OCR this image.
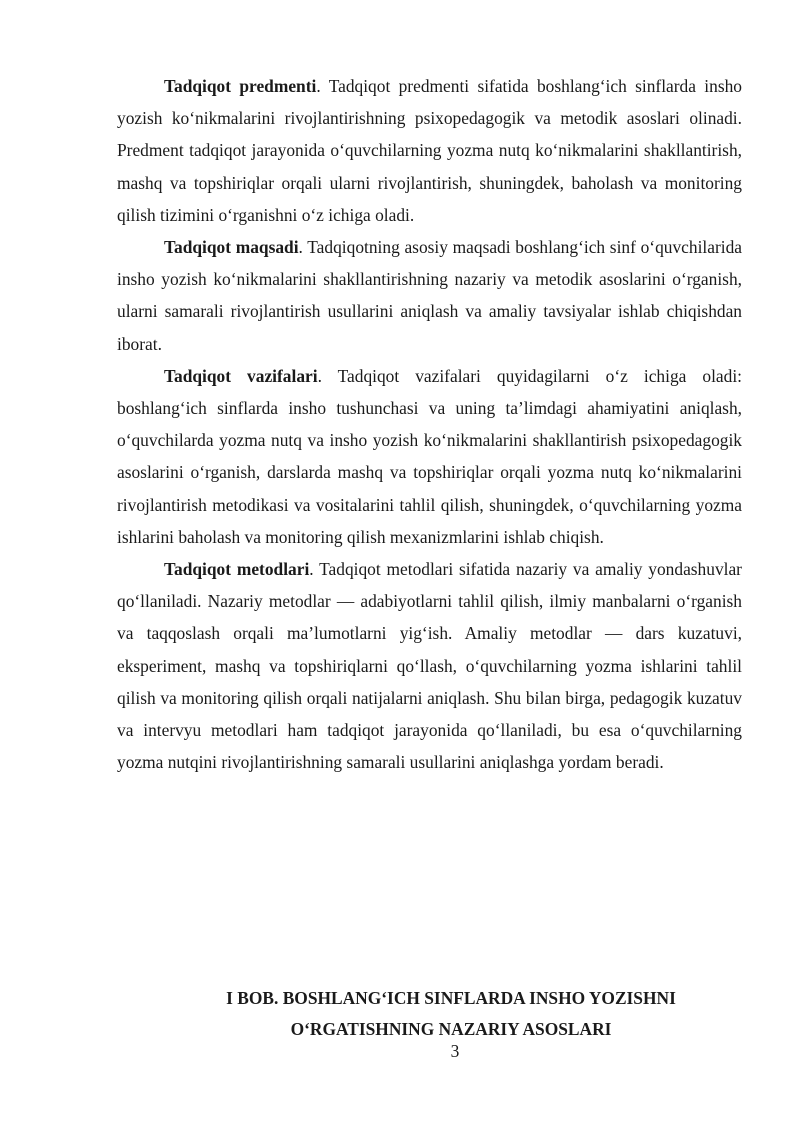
Tadqiqot predmenti. Tadqiqot predmenti sifatida boshlang‘ich sinflarda insho yozish ko‘nikmalarini rivojlantirishning psixopedagogik va metodik asoslari olinadi. Predment tadqiqot jarayonida o‘quvchilarning yozma nutq ko‘nikmalarini shakllantirish, mashq va topshiriqlar orqali ularni rivojlantirish, shuningdek, baholash va monitoring qilish tizimini o‘rganishni o‘z ichiga oladi.

Tadqiqot maqsadi. Tadqiqotning asosiy maqsadi boshlang‘ich sinf o‘quvchilarida insho yozish ko‘nikmalarini shakllantirishning nazariy va metodik asoslarini o‘rganish, ularni samarali rivojlantirish usullarini aniqlash va amaliy tavsiyalar ishlab chiqishdan iborat.

Tadqiqot vazifalari. Tadqiqot vazifalari quyidagilarni o‘z ichiga oladi: boshlang‘ich sinflarda insho tushunchasi va uning ta’limdagi ahamiyatini aniqlash, o‘quvchilarda yozma nutq va insho yozish ko‘nikmalarini shakllantirish psixopedagogik asoslarini o‘rganish, darslarda mashq va topshiriqlar orqali yozma nutq ko‘nikmalarini rivojlantirish metodikasi va vositalarini tahlil qilish, shuningdek, o‘quvchilarning yozma ishlarini baholash va monitoring qilish mexanizmlarini ishlab chiqish.

Tadqiqot metodlari. Tadqiqot metodlari sifatida nazariy va amaliy yondashuvlar qo‘llaniladi. Nazariy metodlar — adabiyotlarni tahlil qilish, ilmiy manbalarni o‘rganish va taqqoslash orqali ma’lumotlarni yig‘ish. Amaliy metodlar — dars kuzatuvi, eksperiment, mashq va topshiriqlarni qo‘llash, o‘quvchilarning yozma ishlarini tahlil qilish va monitoring qilish orqali natijalarni aniqlash. Shu bilan birga, pedagogik kuzatuv va intervyu metodlari ham tadqiqot jarayonida qo‘llaniladi, bu esa o‘quvchilarning yozma nutqini rivojlantirishning samarali usullarini aniqlashga yordam beradi.

I BOB. BOSHLANG‘ICH SINFLARDA INSHO YOZISHNI
O‘RGATISHNING NAZARIY ASOSLARI
3
